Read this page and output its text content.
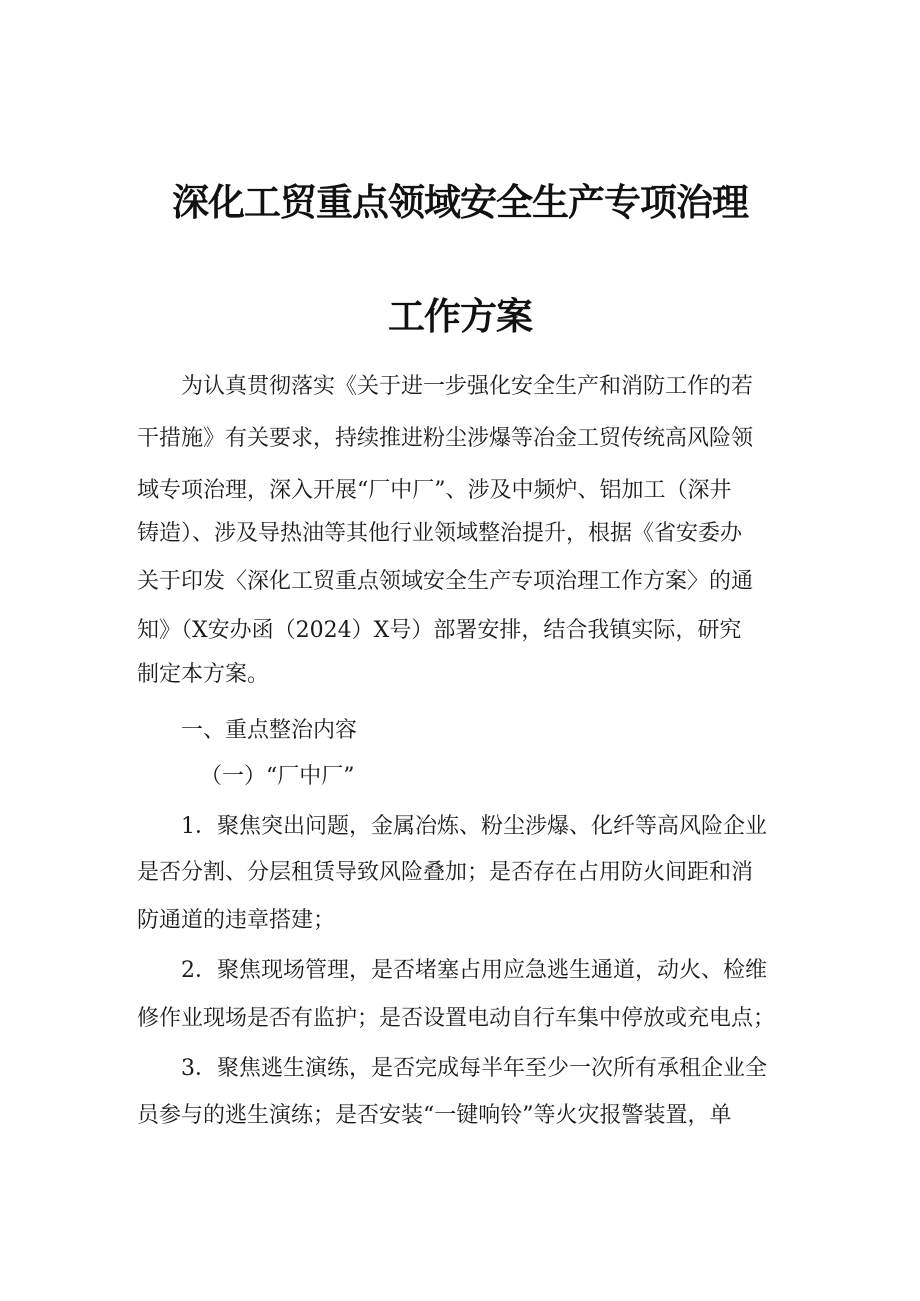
深化工贸重点领域安全生产专项治理
工作方案
为认真贯彻落实《关于进一步强化安全生产和消防工作的若
干措施》有关要求，持续推进粉尘涉爆等冶金工贸传统高风险领
域专项治理，深入开展“厂中厂”、涉及中频炉、铝加工（深井
铸造）、涉及导热油等其他行业领域整治提升，根据《省安委办
关于印发〈深化工贸重点领域安全生产专项治理工作方案〉的通
知》（X安办函（2024）X号）部署安排，结合我镇实际，研究
制定本方案。
一、重点整治内容
（一）“厂中厂”
1．聚焦突出问题，金属冶炼、粉尘涉爆、化纤等高风险企业
是否分割、分层租赁导致风险叠加；是否存在占用防火间距和消
防通道的违章搭建；
2．聚焦现场管理，是否堵塞占用应急逃生通道，动火、检维
修作业现场是否有监护；是否设置电动自行车集中停放或充电点；
3．聚焦逃生演练，是否完成每半年至少一次所有承租企业全
员参与的逃生演练；是否安装“一键响铃”等火灾报警装置，单
